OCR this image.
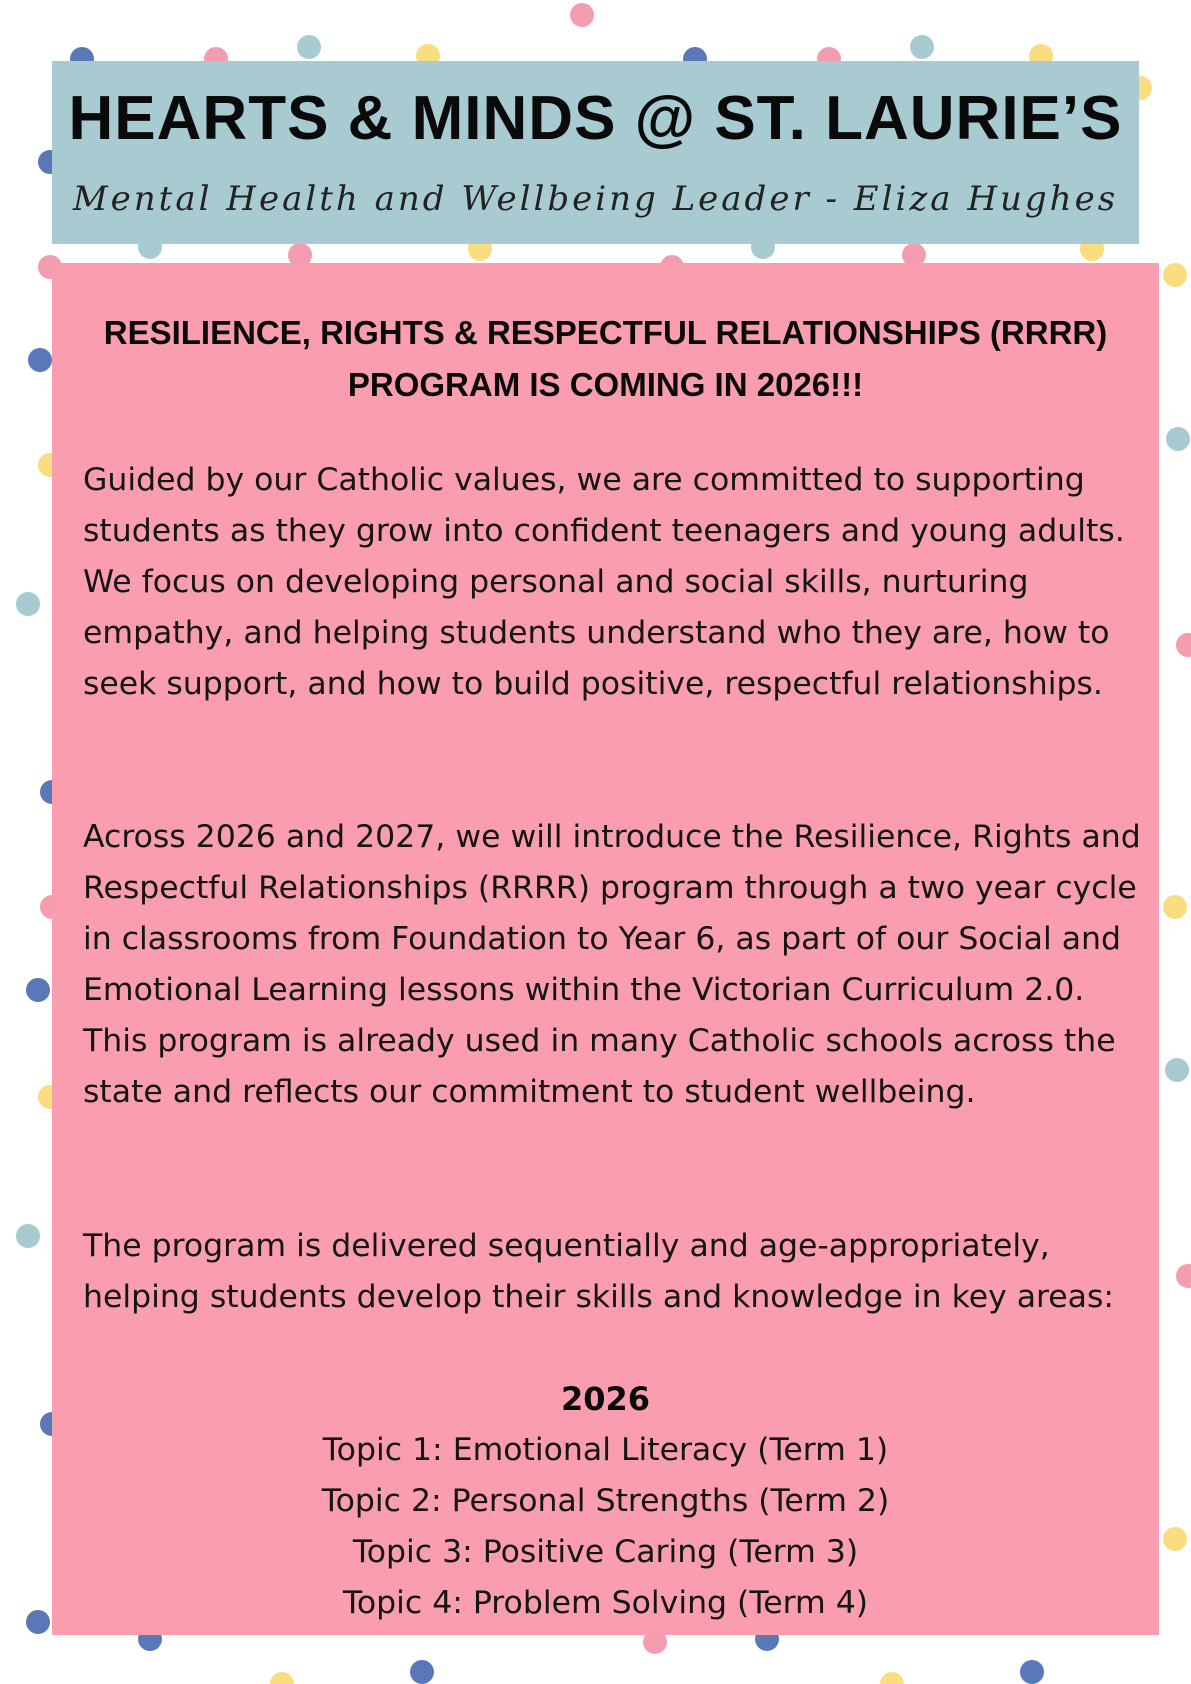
HEARTS & MINDS @ ST. LAURIE’S
Mental Health and Wellbeing Leader - Eliza Hughes
RESILIENCE, RIGHTS & RESPECTFUL RELATIONSHIPS (RRRR)
PROGRAM IS COMING IN 2026!!!

Guided by our Catholic values, we are committed to supporting students as they grow into confident teenagers and young adults. We focus on developing personal and social skills, nurturing empathy, and helping students understand who they are, how to seek support, and how to build positive, respectful relationships.

Across 2026 and 2027, we will introduce the Resilience, Rights and Respectful Relationships (RRRR) program through a two year cycle in classrooms from Foundation to Year 6, as part of our Social and Emotional Learning lessons within the Victorian Curriculum 2.0. This program is already used in many Catholic schools across the state and reflects our commitment to student wellbeing.

The program is delivered sequentially and age-appropriately, helping students develop their skills and knowledge in key areas:

2026
Topic 1: Emotional Literacy (Term 1)
Topic 2: Personal Strengths (Term 2)
Topic 3: Positive Caring (Term 3)
Topic 4: Problem Solving (Term 4)
